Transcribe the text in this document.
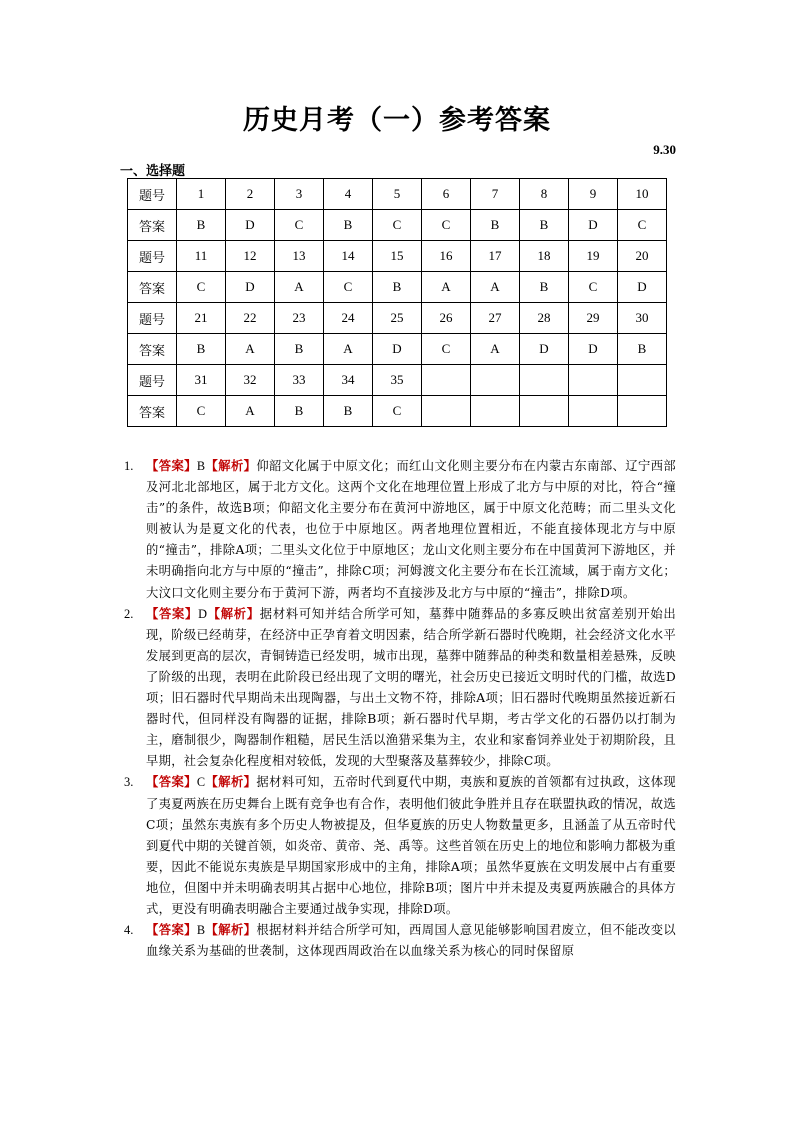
历史月考（一）参考答案
9.30
一、选择题
题号	1	2	3	4	5	6	7	8	9	10
答案	B	D	C	B	C	C	B	B	D	C
题号	11	12	13	14	15	16	17	18	19	20
答案	C	D	A	C	B	A	A	B	C	D
题号	21	22	23	24	25	26	27	28	29	30
答案	B	A	B	A	D	C	A	D	D	B
题号	31	32	33	34	35					
答案	C	A	B	B	C					
1. 【答案】B【解析】仰韶文化属于中原文化；而红山文化则主要分布在内蒙古东南部、辽宁西部及河北北部地区，属于北方文化。这两个文化在地理位置上形成了北方与中原的对比，符合“撞击”的条件，故选B项；仰韶文化主要分布在黄河中游地区，属于中原文化范畴；而二里头文化则被认为是夏文化的代表，也位于中原地区。两者地理位置相近，不能直接体现北方与中原的“撞击”，排除A项；二里头文化位于中原地区；龙山文化则主要分布在中国黄河下游地区，并未明确指向北方与中原的“撞击”，排除C项；河姆渡文化主要分布在长江流域，属于南方文化；大汶口文化则主要分布于黄河下游，两者均不直接涉及北方与中原的“撞击”，排除D项。

2. 【答案】D【解析】据材料可知并结合所学可知，墓葬中随葬品的多寡反映出贫富差别开始出现，阶级已经萌芽，在经济中正孕育着文明因素，结合所学新石器时代晚期，社会经济文化水平发展到更高的层次，青铜铸造已经发明，城市出现，墓葬中随葬品的种类和数量相差悬殊，反映了阶级的出现，表明在此阶段已经出现了文明的曙光，社会历史已接近文明时代的门槛，故选D项；旧石器时代早期尚未出现陶器，与出土文物不符，排除A项；旧石器时代晚期虽然接近新石器时代，但同样没有陶器的证据，排除B项；新石器时代早期，考古学文化的石器仍以打制为主，磨制很少，陶器制作粗糙，居民生活以渔猎采集为主，农业和家畜饲养业处于初期阶段，且早期，社会复杂化程度相对较低，发现的大型聚落及墓葬较少，排除C项。

3. 【答案】C【解析】据材料可知，五帝时代到夏代中期，夷族和夏族的首领都有过执政，这体现了夷夏两族在历史舞台上既有竞争也有合作，表明他们彼此争胜并且存在联盟执政的情况，故选C项；虽然东夷族有多个历史人物被提及，但华夏族的历史人物数量更多，且涵盖了从五帝时代到夏代中期的关键首领，如炎帝、黄帝、尧、禹等。这些首领在历史上的地位和影响力都极为重要，因此不能说东夷族是早期国家形成中的主角，排除A项；虽然华夏族在文明发展中占有重要地位，但图中并未明确表明其占据中心地位，排除B项；图片中并未提及夷夏两族融合的具体方式，更没有明确表明融合主要通过战争实现，排除D项。

4. 【答案】B【解析】根据材料并结合所学可知，西周国人意见能够影响国君废立，但不能改变以血缘关系为基础的世袭制，这体现西周政治在以血缘关系为核心的同时保留原
